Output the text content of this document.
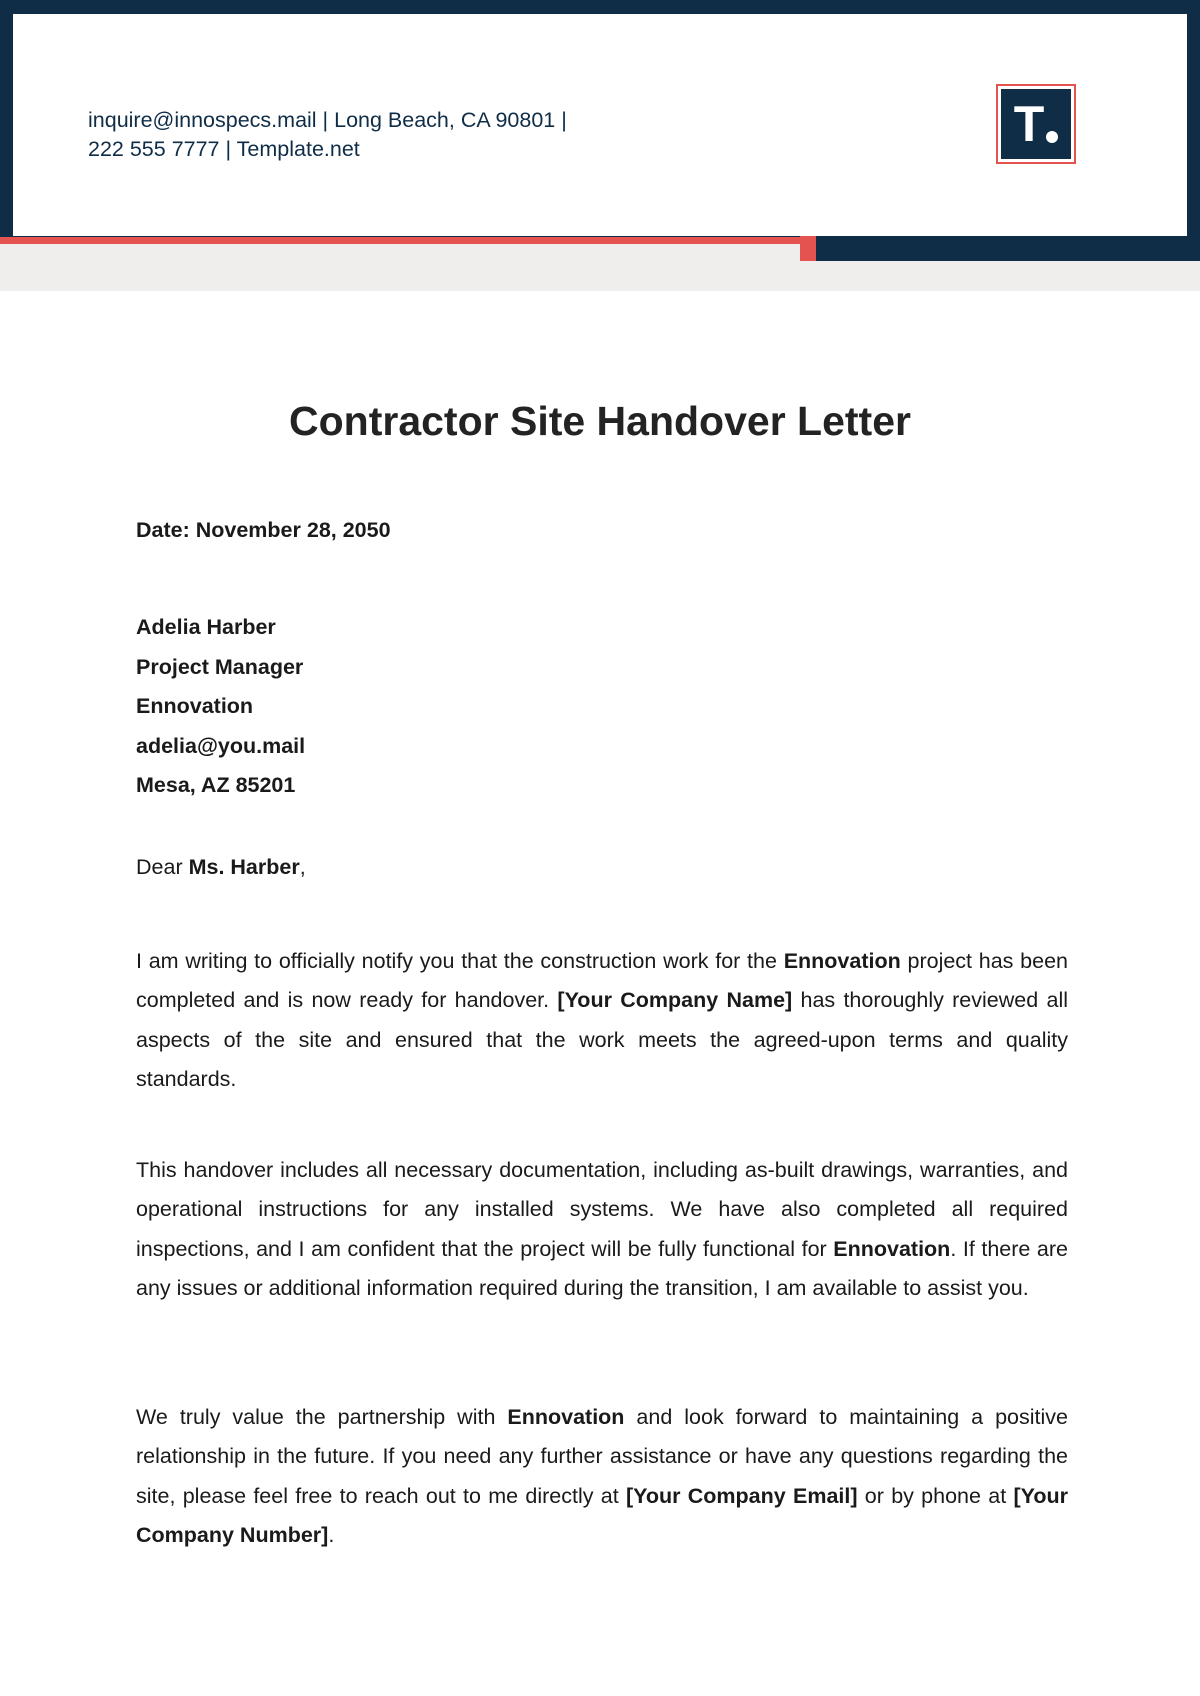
inquire@innospecs.mail | Long Beach, CA 90801 |
222 555 7777 | Template.net	T
Contractor Site Handover Letter
Date: November 28, 2050
Adelia Harber
Project Manager
Ennovation
adelia@you.mail
Mesa, AZ 85201
Dear Ms. Harber,

I am writing to officially notify you that the construction work for the Ennovation project has been completed and is now ready for handover. [Your Company Name] has thoroughly reviewed all aspects of the site and ensured that the work meets the agreed-upon terms and quality standards.

This handover includes all necessary documentation, including as-built drawings, warranties, and operational instructions for any installed systems. We have also completed all required inspections, and I am confident that the project will be fully functional for Ennovation. If there are any issues or additional information required during the transition, I am available to assist you.

We truly value the partnership with Ennovation and look forward to maintaining a positive relationship in the future. If you need any further assistance or have any questions regarding the site, please feel free to reach out to me directly at [Your Company Email] or by phone at [Your Company Number].
